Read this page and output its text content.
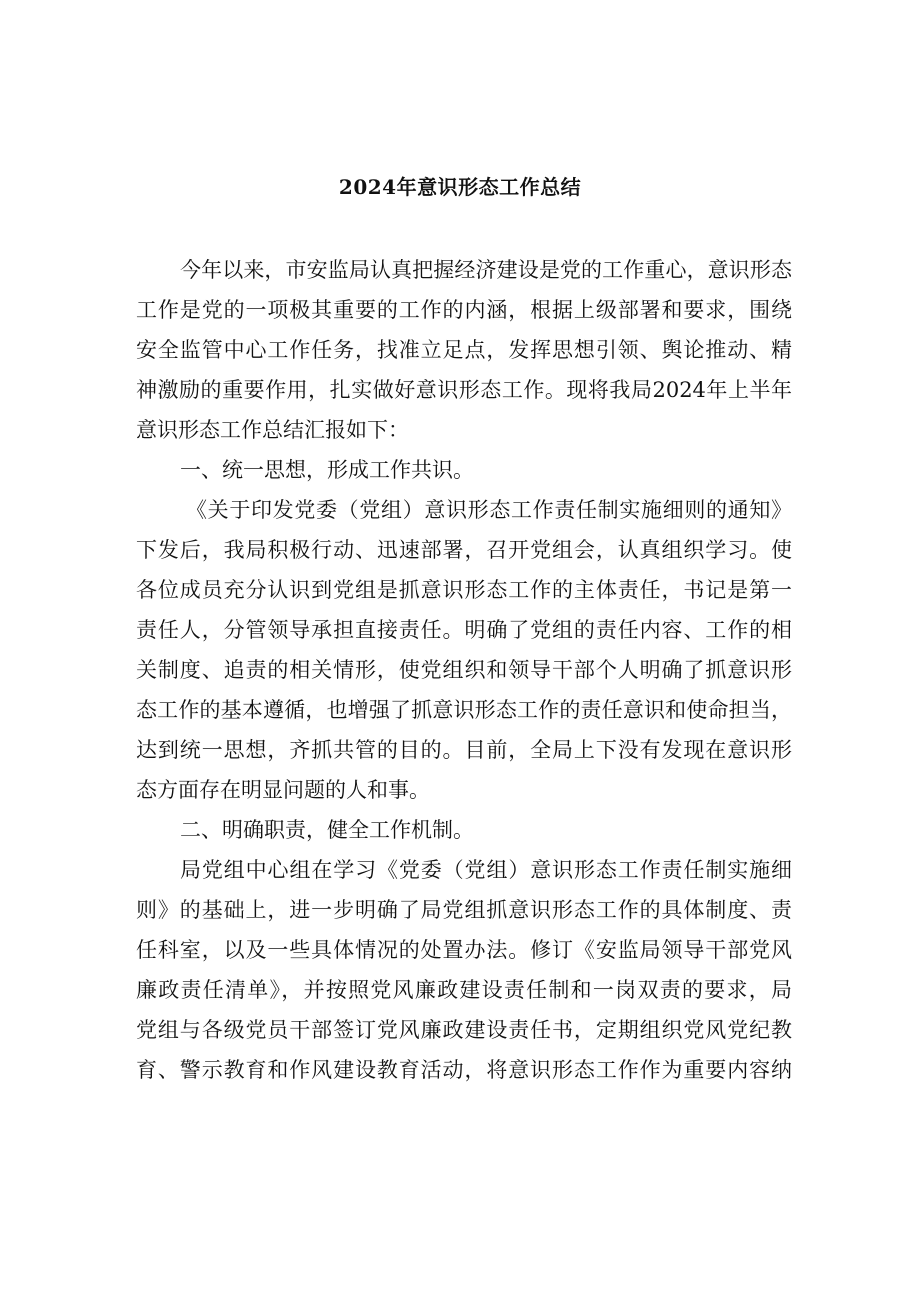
2024年意识形态工作总结
今年以来，市安监局认真把握经济建设是党的工作重心，意识形态
工作是党的一项极其重要的工作的内涵，根据上级部署和要求，围绕
安全监管中心工作任务，找准立足点，发挥思想引领、舆论推动、精
神激励的重要作用，扎实做好意识形态工作。现将我局2024年上半年
意识形态工作总结汇报如下：
一、统一思想，形成工作共识。
《关于印发党委（党组）意识形态工作责任制实施细则的通知》
下发后，我局积极行动、迅速部署，召开党组会，认真组织学习。使
各位成员充分认识到党组是抓意识形态工作的主体责任，书记是第一
责任人，分管领导承担直接责任。明确了党组的责任内容、工作的相
关制度、追责的相关情形，使党组织和领导干部个人明确了抓意识形
态工作的基本遵循，也增强了抓意识形态工作的责任意识和使命担当，
达到统一思想，齐抓共管的目的。目前，全局上下没有发现在意识形
态方面存在明显问题的人和事。
二、明确职责，健全工作机制。
局党组中心组在学习《党委（党组）意识形态工作责任制实施细
则》的基础上，进一步明确了局党组抓意识形态工作的具体制度、责
任科室，以及一些具体情况的处置办法。修订《安监局领导干部党风
廉政责任清单》，并按照党风廉政建设责任制和一岗双责的要求，局
党组与各级党员干部签订党风廉政建设责任书，定期组织党风党纪教
育、警示教育和作风建设教育活动，将意识形态工作作为重要内容纳
